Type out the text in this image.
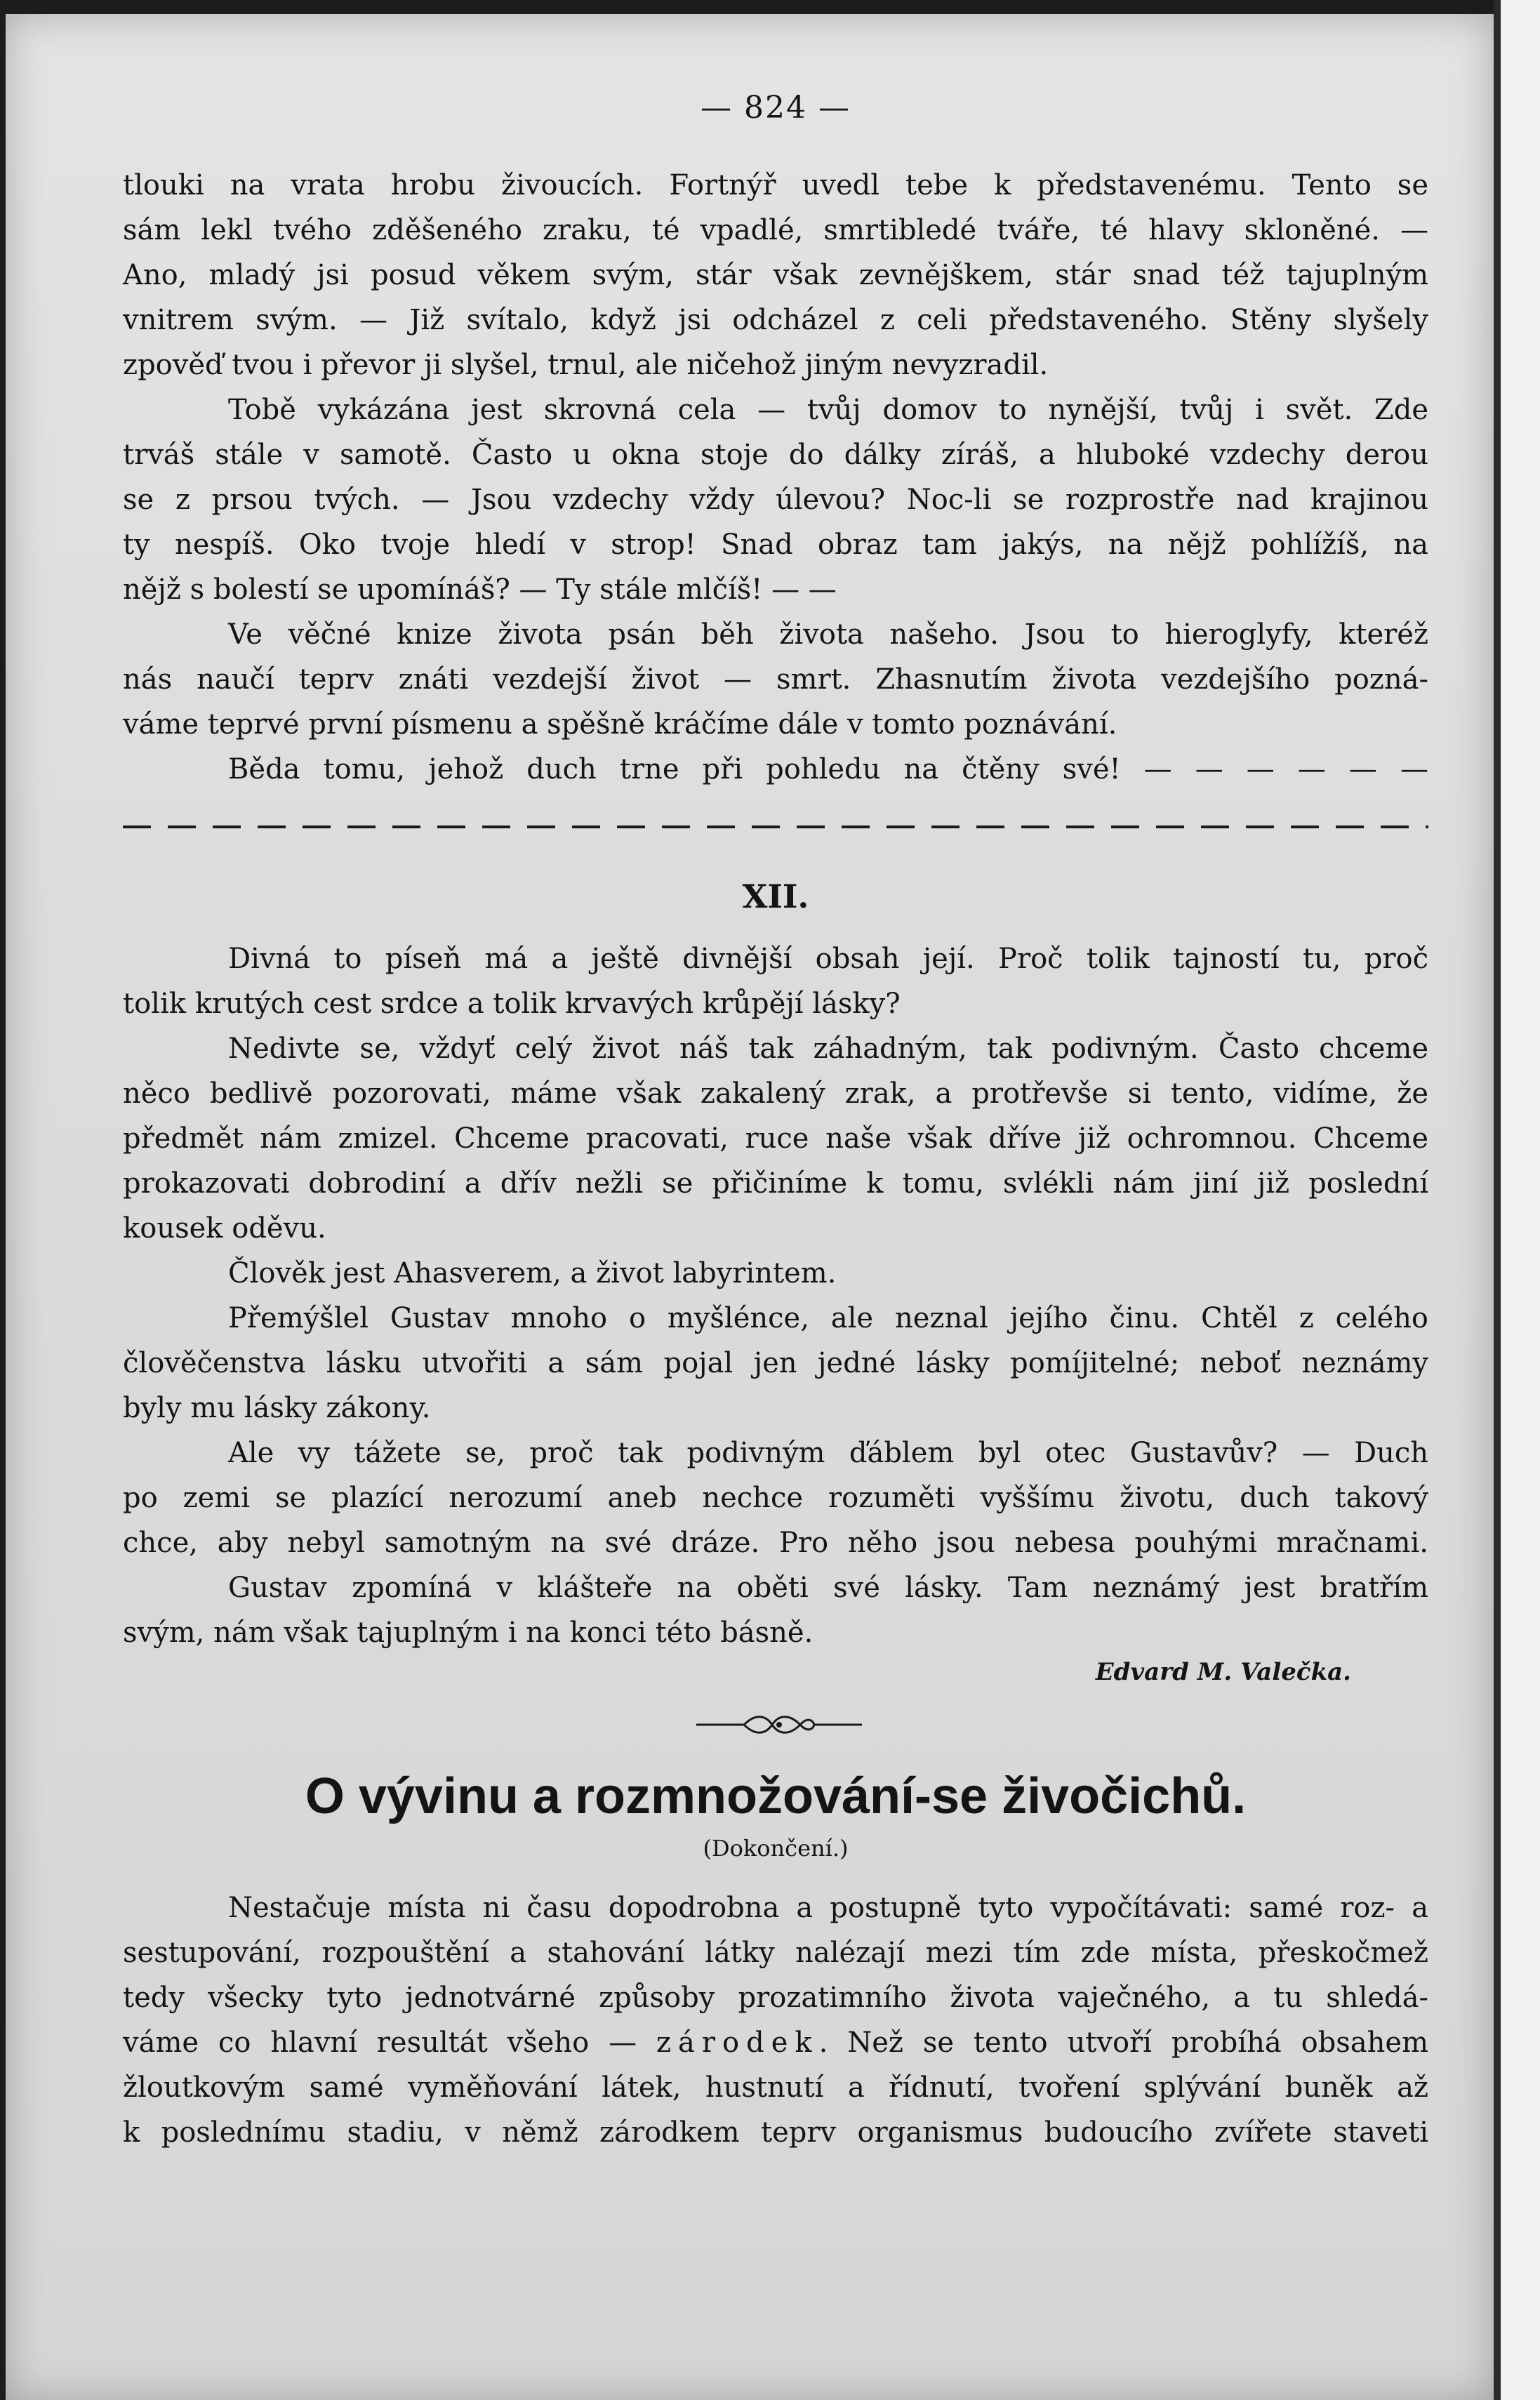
— 824 —

tlouki na vrata hrobu živoucích. Fortnýř uvedl tebe k představenému. Tento se

sám lekl tvého zděšeného zraku, té vpadlé, smrtibledé tváře, té hlavy skloněné. —

Ano, mladý jsi posud věkem svým, stár však zevnějškem, stár snad též tajuplným

vnitrem svým. — Již svítalo, když jsi odcházel z celi představeného. Stěny slyšely

zpověď tvou i převor ji slyšel, trnul, ale ničehož jiným nevyzradil.

Tobě vykázána jest skrovná cela — tvůj domov to nynější, tvůj i svět. Zde

trváš stále v samotě. Často u okna stoje do dálky zíráš, a hluboké vzdechy derou

se z prsou tvých. — Jsou vzdechy vždy úlevou? Noc-li se rozprostře nad krajinou

ty nespíš. Oko tvoje hledí v strop! Snad obraz tam jakýs, na nějž pohlížíš, na

nějž s bolestí se upomínáš? — Ty stále mlčíš! — —

Ve věčné knize života psán běh života našeho. Jsou to hieroglyfy, kteréž

nás naučí teprv znáti vezdejší život — smrt. Zhasnutím života vezdejšího pozná-

váme teprvé první písmenu a spěšně kráčíme dále v tomto poznávání.

Běda tomu, jehož duch trne při pohledu na čtěny své! — — — — — —

XII.

Divná to píseň má a ještě divnější obsah její. Proč tolik tajností tu, proč

tolik krutých cest srdce a tolik krvavých krůpějí lásky?

Nedivte se, vždyť celý život náš tak záhadným, tak podivným. Často chceme

něco bedlivě pozorovati, máme však zakalený zrak, a protřevše si tento, vidíme, že

předmět nám zmizel. Chceme pracovati, ruce naše však dříve již ochromnou. Chceme

prokazovati dobrodiní a dřív nežli se přičiníme k tomu, svlékli nám jiní již poslední

kousek oděvu.

Člověk jest Ahasverem, a život labyrintem.

Přemýšlel Gustav mnoho o myšlénce, ale neznal jejího činu. Chtěl z celého

člověčenstva lásku utvořiti a sám pojal jen jedné lásky pomíjitelné; neboť neznámy

byly mu lásky zákony.

Ale vy tážete se, proč tak podivným ďáblem byl otec Gustavův? — Duch

po zemi se plazící nerozumí aneb nechce rozuměti vyššímu životu, duch takový

chce, aby nebyl samotným na své dráze. Pro něho jsou nebesa pouhými mračnami.

Gustav zpomíná v klášteře na oběti své lásky. Tam neznámý jest bratřím

svým, nám však tajuplným i na konci této básně.

Edvard M. Valečka.
O vývinu a rozmnožování-se živočichů.
(Dokončení.)

Nestačuje místa ni času dopodrobna a postupně tyto vypočítávati: samé roz- a

sestupování, rozpouštění a stahování látky nalézají mezi tím zde místa, přeskočmež

tedy všecky tyto jednotvárné způsoby prozatimního života vaječného, a tu shledá-

váme co hlavní resultát všeho — zárodek. Než se tento utvoří probíhá obsahem

žloutkovým samé vyměňování látek, hustnutí a řídnutí, tvoření splývání buněk až

k poslednímu stadiu, v němž zárodkem teprv organismus budoucího zvířete staveti
